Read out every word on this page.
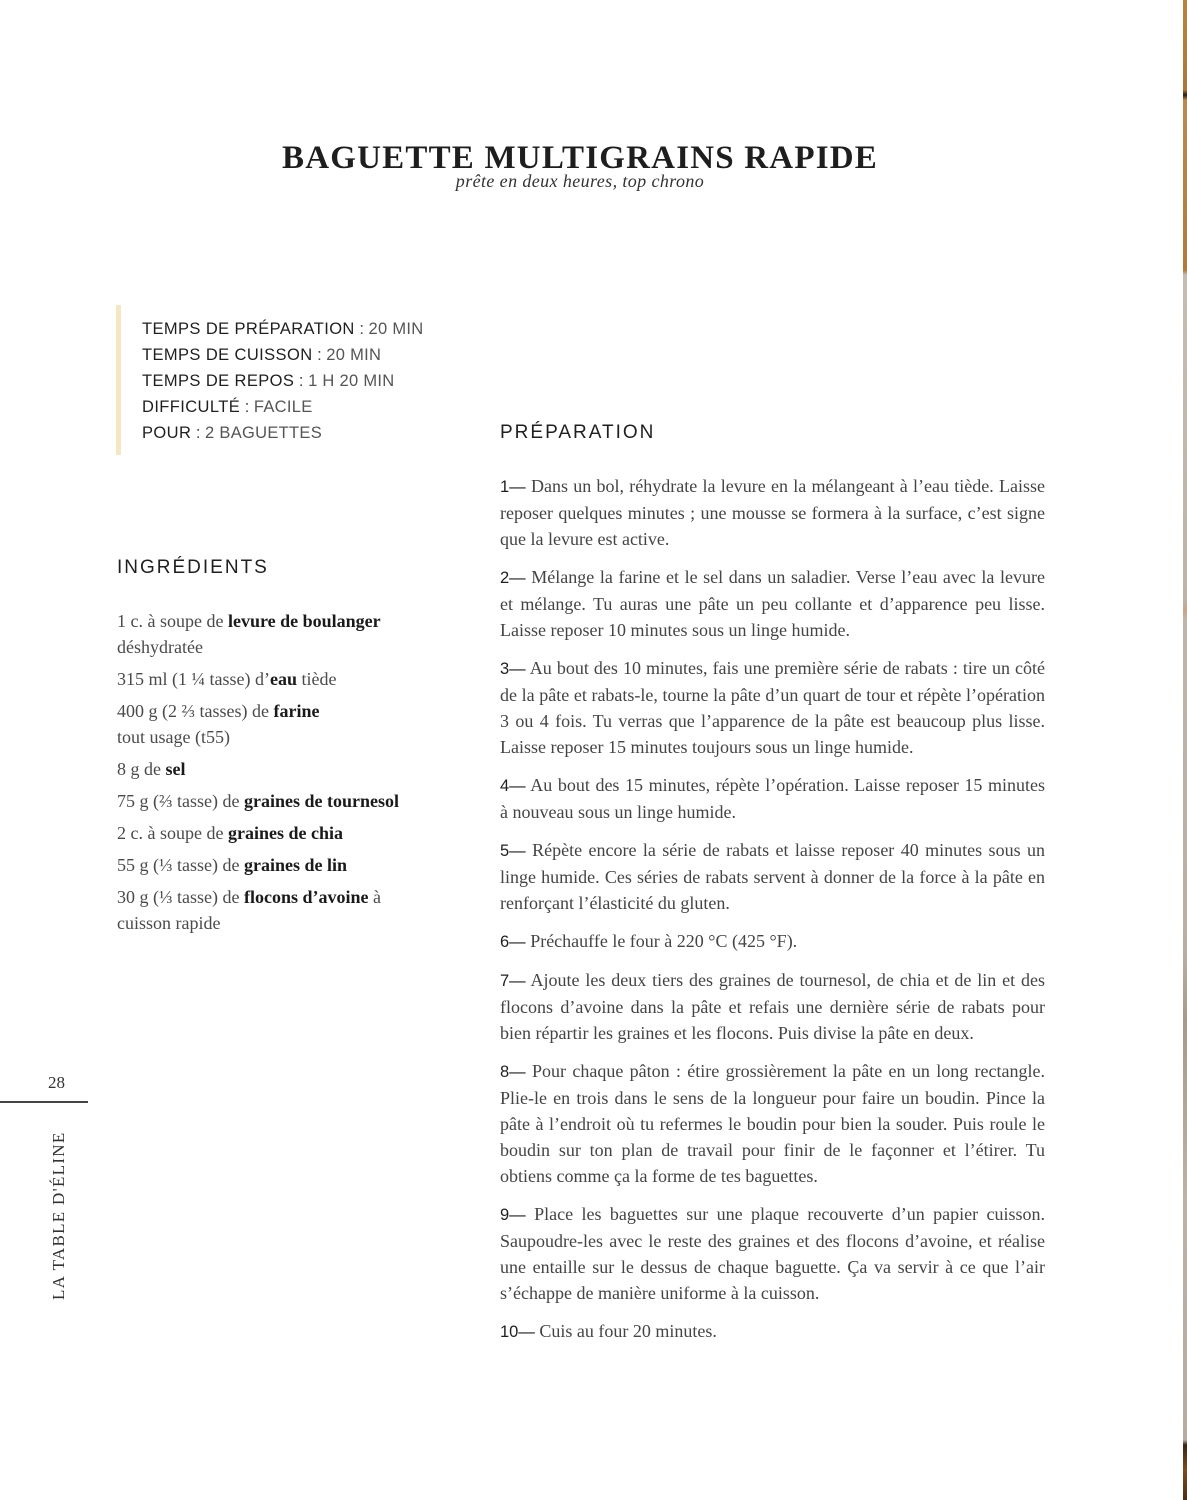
BAGUETTE MULTIGRAINS RAPIDE
prête en deux heures, top chrono
TEMPS DE PRÉPARATION : 20 MIN
TEMPS DE CUISSON : 20 MIN
TEMPS DE REPOS : 1 H 20 MIN
DIFFICULTÉ : FACILE
POUR : 2 BAGUETTES
INGRÉDIENTS
1 c. à soupe de levure de boulanger déshydratée
315 ml (1 ¼ tasse) d’eau tiède
400 g (2 ⅔ tasses) de farine tout usage (t55)
8 g de sel
75 g (⅔ tasse) de graines de tournesol
2 c. à soupe de graines de chia
55 g (⅓ tasse) de graines de lin
30 g (⅓ tasse) de flocons d’avoine à cuisson rapide
PRÉPARATION
1— Dans un bol, réhydrate la levure en la mélangeant à l’eau tiède. Laisse reposer quelques minutes ; une mousse se formera à la surface, c’est signe que la levure est active.
2— Mélange la farine et le sel dans un saladier. Verse l’eau avec la levure et mélange. Tu auras une pâte un peu collante et d’apparence peu lisse. Laisse reposer 10 minutes sous un linge humide.
3— Au bout des 10 minutes, fais une première série de rabats : tire un côté de la pâte et rabats-le, tourne la pâte d’un quart de tour et répète l’opération 3 ou 4 fois. Tu verras que l’apparence de la pâte est beaucoup plus lisse. Laisse reposer 15 minutes toujours sous un linge humide.
4— Au bout des 15 minutes, répète l’opération. Laisse reposer 15 minutes à nouveau sous un linge humide.
5— Répète encore la série de rabats et laisse reposer 40 minutes sous un linge humide. Ces séries de rabats servent à donner de la force à la pâte en renforçant l’élasticité du gluten.
6— Préchauffe le four à 220 °C (425 °F).
7— Ajoute les deux tiers des graines de tournesol, de chia et de lin et des flocons d’avoine dans la pâte et refais une dernière série de rabats pour bien répartir les graines et les flocons. Puis divise la pâte en deux.
8— Pour chaque pâton : étire grossièrement la pâte en un long rectangle. Plie-le en trois dans le sens de la longueur pour faire un boudin. Pince la pâte à l’endroit où tu refermes le boudin pour bien la souder. Puis roule le boudin sur ton plan de travail pour finir de le façonner et l’étirer. Tu obtiens comme ça la forme de tes baguettes.
9— Place les baguettes sur une plaque recouverte d’un papier cuisson. Saupoudre-les avec le reste des graines et des flocons d’avoine, et réalise une entaille sur le dessus de chaque baguette. Ça va servir à ce que l’air s’échappe de manière uniforme à la cuisson.
10— Cuis au four 20 minutes.
28
LA TABLE D'ÉLINE
